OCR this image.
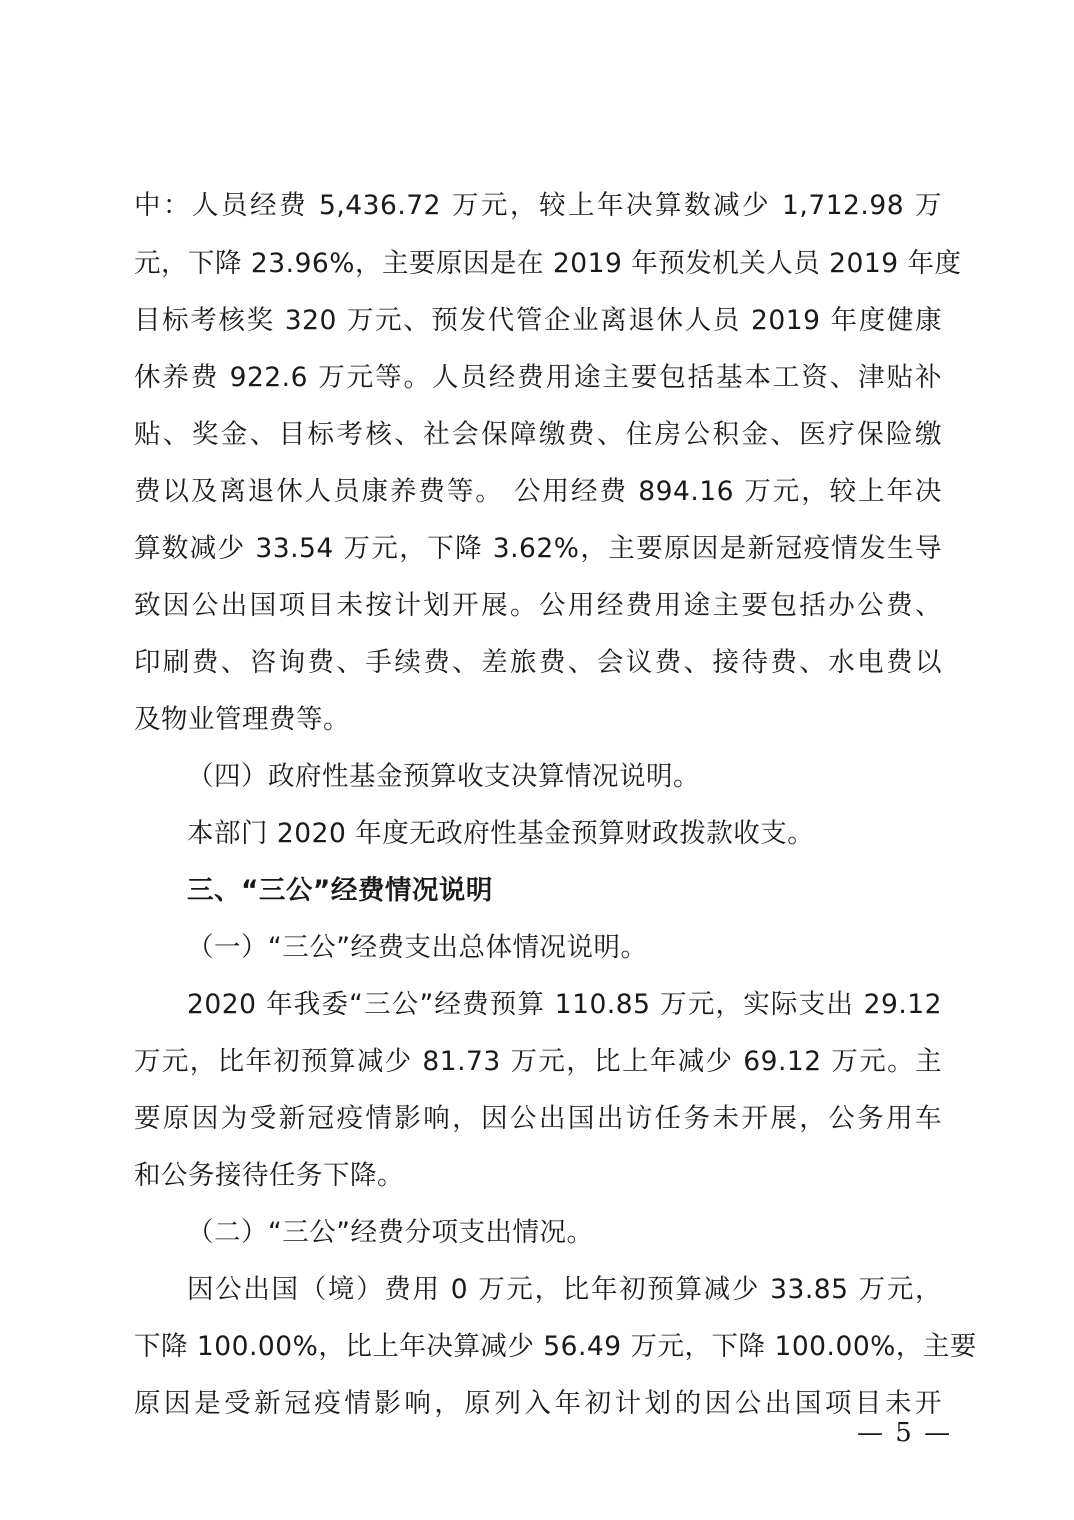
中：人员经费 5,436.72 万元，较上年决算数减少 1,712.98 万
元，下降 23.96%，主要原因是在 2019 年预发机关人员 2019 年度
目标考核奖 320 万元、预发代管企业离退休人员 2019 年度健康
休养费 922.6 万元等。人员经费用途主要包括基本工资、津贴补
贴、奖金、目标考核、社会保障缴费、住房公积金、医疗保险缴
费以及离退休人员康养费等。 公用经费 894.16 万元，较上年决
算数减少 33.54 万元，下降 3.62%，主要原因是新冠疫情发生导
致因公出国项目未按计划开展。公用经费用途主要包括办公费、
印刷费、咨询费、手续费、差旅费、会议费、接待费、水电费以
及物业管理费等。
（四）政府性基金预算收支决算情况说明。
本部门 2020 年度无政府性基金预算财政拨款收支。
三、“三公”经费情况说明
（一）“三公”经费支出总体情况说明。
2020 年我委“三公”经费预算 110.85 万元，实际支出 29.12
万元，比年初预算减少 81.73 万元，比上年减少 69.12 万元。主
要原因为受新冠疫情影响，因公出国出访任务未开展，公务用车
和公务接待任务下降。
（二）“三公”经费分项支出情况。
因公出国（境）费用 0 万元，比年初预算减少 33.85 万元，
下降 100.00%，比上年决算减少 56.49 万元，下降 100.00%，主要
原因是受新冠疫情影响，原列入年初计划的因公出国项目未开
— 5 —
